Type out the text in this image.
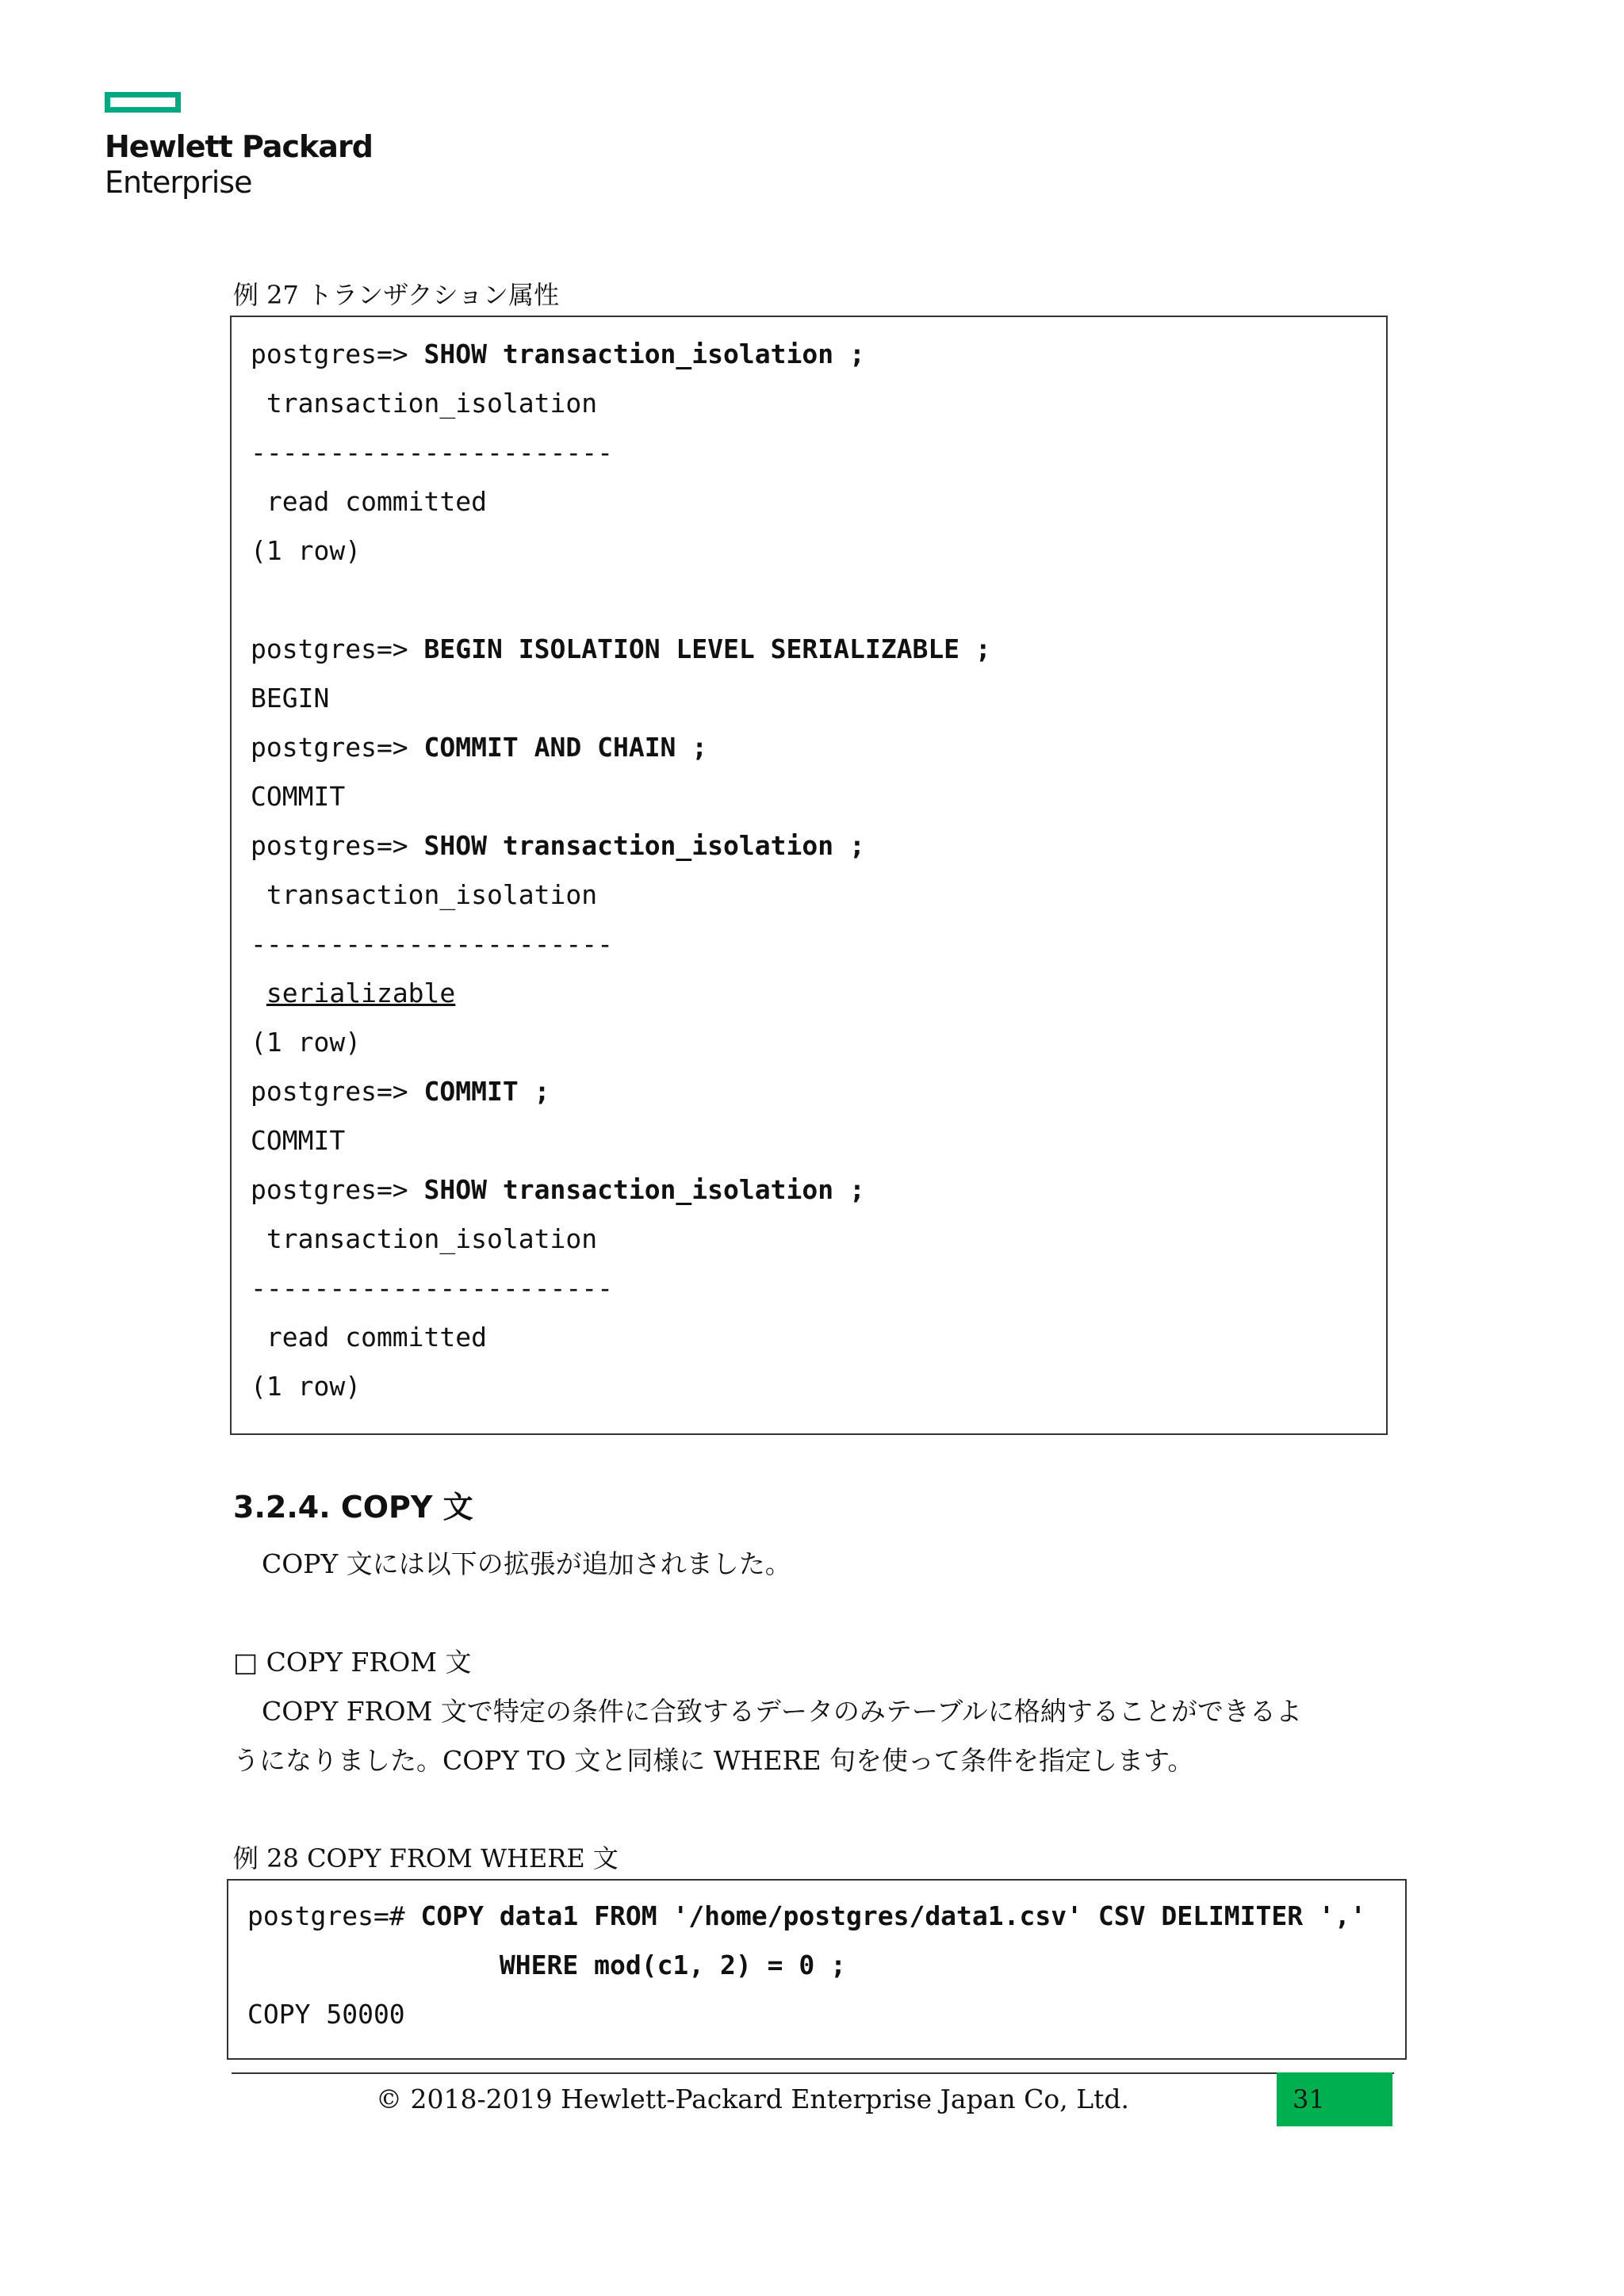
Hewlett Packard
Enterprise
例 27 トランザクション属性
postgres=> SHOW transaction_isolation ;
transaction_isolation
-----------------------
read committed
(1 row)
postgres=> BEGIN ISOLATION LEVEL SERIALIZABLE ;
BEGIN
postgres=> COMMIT AND CHAIN ;
COMMIT
postgres=> SHOW transaction_isolation ;
transaction_isolation
-----------------------
serializable
(1 row)
postgres=> COMMIT ;
COMMIT
postgres=> SHOW transaction_isolation ;
transaction_isolation
-----------------------
read committed
(1 row)
3.2.4. COPY 文
COPY 文には以下の拡張が追加されました。
□ COPY FROM 文
COPY FROM 文で特定の条件に合致するデータのみテーブルに格納することができるよ
うになりました。COPY TO 文と同様に WHERE 句を使って条件を指定します。
例 28 COPY FROM WHERE 文
postgres=# COPY data1 FROM '/home/postgres/data1.csv' CSV DELIMITER ','
WHERE mod(c1, 2) = 0 ;
COPY 50000
© 2018-2019 Hewlett-Packard Enterprise Japan Co, Ltd.	31
